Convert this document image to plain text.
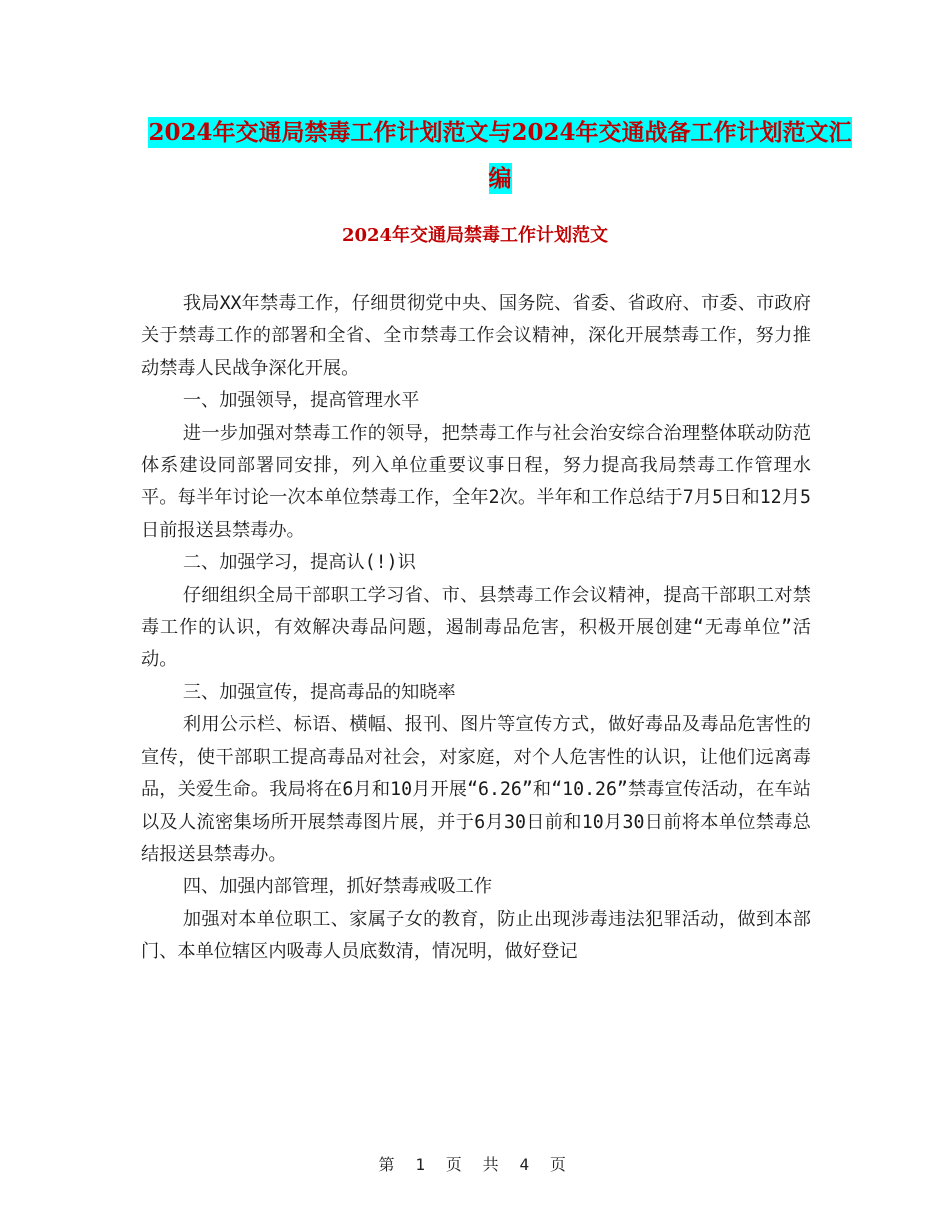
2024年交通局禁毒工作计划范文与2024年交通战备工作计划范文汇编
2024年交通局禁毒工作计划范文

我局XX年禁毒工作，仔细贯彻党中央、国务院、省委、省政府、市委、市政府关于禁毒工作的部署和全省、全市禁毒工作会议精神，深化开展禁毒工作，努力推动禁毒人民战争深化开展。

一、加强领导，提高管理水平

进一步加强对禁毒工作的领导，把禁毒工作与社会治安综合治理整体联动防范体系建设同部署同安排，列入单位重要议事日程，努力提高我局禁毒工作管理水平。每半年讨论一次本单位禁毒工作，全年2次。半年和工作总结于7月5日和12月5日前报送县禁毒办。

二、加强学习，提高认(!)识

仔细组织全局干部职工学习省、市、县禁毒工作会议精神，提高干部职工对禁毒工作的认识，有效解决毒品问题，遏制毒品危害，积极开展创建“无毒单位”活动。

三、加强宣传，提高毒品的知晓率

利用公示栏、标语、横幅、报刊、图片等宣传方式，做好毒品及毒品危害性的宣传，使干部职工提高毒品对社会，对家庭，对个人危害性的认识，让他们远离毒品，关爱生命。我局将在6月和10月开展“6.26”和“10.26”禁毒宣传活动，在车站以及人流密集场所开展禁毒图片展，并于6月30日前和10月30日前将本单位禁毒总结报送县禁毒办。

四、加强内部管理，抓好禁毒戒吸工作

加强对本单位职工、家属子女的教育，防止出现涉毒违法犯罪活动，做到本部门、本单位辖区内吸毒人员底数清，情况明，做好登记

第 1 页 共 4 页
